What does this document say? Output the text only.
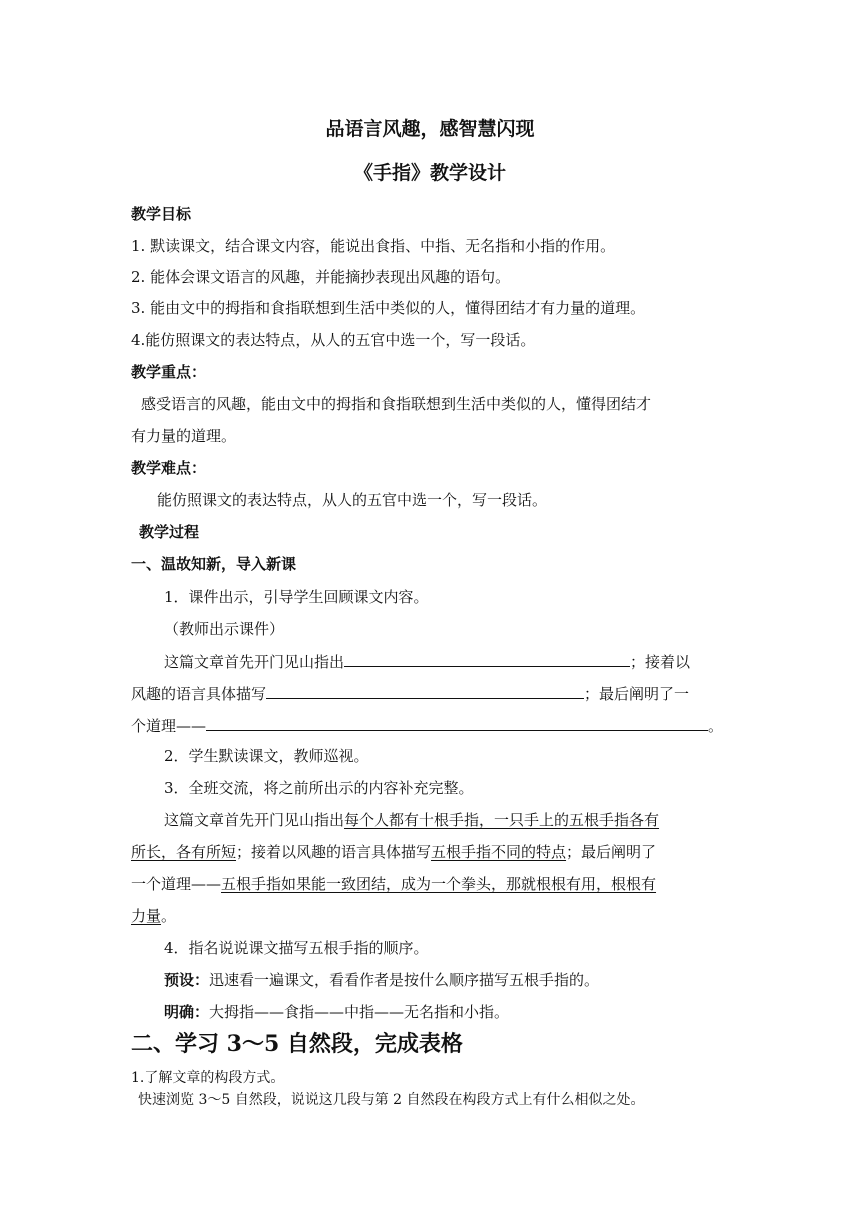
品语言风趣，感智慧闪现
《手指》教学设计
教学目标
1. 默读课文，结合课文内容，能说出食指、中指、无名指和小指的作用。
2. 能体会课文语言的风趣，并能摘抄表现出风趣的语句。
3. 能由文中的拇指和食指联想到生活中类似的人，懂得团结才有力量的道理。
4.能仿照课文的表达特点，从人的五官中选一个，写一段话。
教学重点：
感受语言的风趣，能由文中的拇指和食指联想到生活中类似的人，懂得团结才
有力量的道理。
教学难点：
能仿照课文的表达特点，从人的五官中选一个，写一段话。
教学过程
一、温故知新，导入新课
1．课件出示，引导学生回顾课文内容。
（教师出示课件）
这篇文章首先开门见山指出	；接着以
风趣的语言具体描写	；最后阐明了一
个道理——	。
2．学生默读课文，教师巡视。
3．全班交流，将之前所出示的内容补充完整。
这篇文章首先开门见山指出每个人都有十根手指，一只手上的五根手指各有
所长，各有所短；接着以风趣的语言具体描写五根手指不同的特点；最后阐明了
一个道理——五根手指如果能一致团结，成为一个拳头，那就根根有用，根根有
力量。
4．指名说说课文描写五根手指的顺序。
预设：迅速看一遍课文，看看作者是按什么顺序描写五根手指的。
明确：大拇指——食指——中指——无名指和小指。
二、学习 3～5 自然段，完成表格
1.了解文章的构段方式。
快速浏览 3～5 自然段，说说这几段与第 2 自然段在构段方式上有什么相似之处。
